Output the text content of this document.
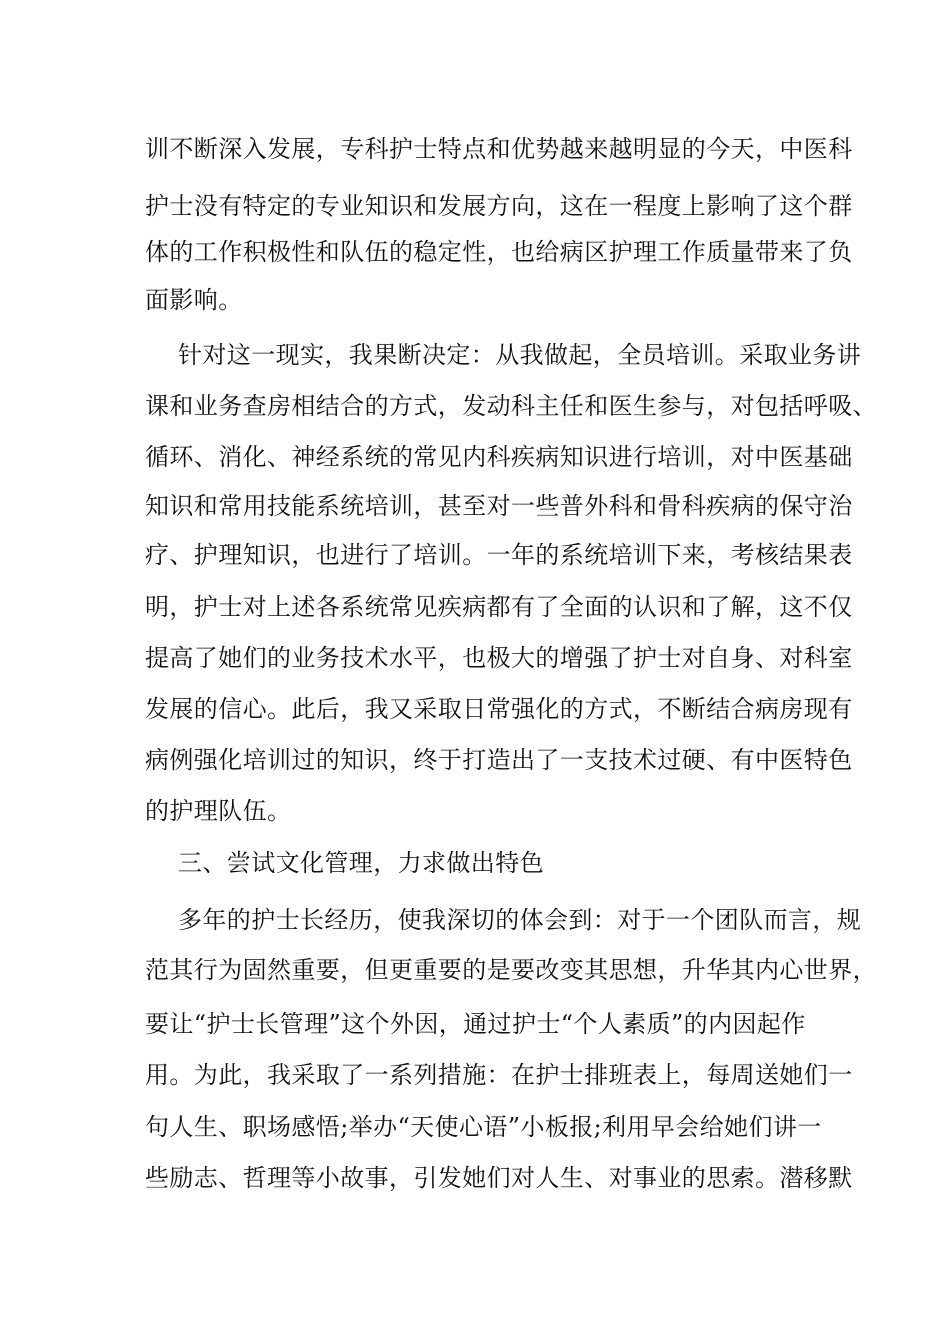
训不断深入发展，专科护士特点和优势越来越明显的今天，中医科
护士没有特定的专业知识和发展方向，这在一程度上影响了这个群
体的工作积极性和队伍的稳定性，也给病区护理工作质量带来了负
面影响。
针对这一现实，我果断决定：从我做起，全员培训。采取业务讲
课和业务查房相结合的方式，发动科主任和医生参与，对包括呼吸、
循环、消化、神经系统的常见内科疾病知识进行培训，对中医基础
知识和常用技能系统培训，甚至对一些普外科和骨科疾病的保守治
疗、护理知识，也进行了培训。一年的系统培训下来，考核结果表
明，护士对上述各系统常见疾病都有了全面的认识和了解，这不仅
提高了她们的业务技术水平，也极大的增强了护士对自身、对科室
发展的信心。此后，我又采取日常强化的方式，不断结合病房现有
病例强化培训过的知识，终于打造出了一支技术过硬、有中医特色
的护理队伍。
三、尝试文化管理，力求做出特色
多年的护士长经历，使我深切的体会到：对于一个团队而言，规
范其行为固然重要，但更重要的是要改变其思想，升华其内心世界，
要让“护士长管理”这个外因，通过护士“个人素质”的内因起作
用。为此，我采取了一系列措施：在护士排班表上，每周送她们一
句人生、职场感悟;举办“天使心语”小板报;利用早会给她们讲一
些励志、哲理等小故事，引发她们对人生、对事业的思索。潜移默
